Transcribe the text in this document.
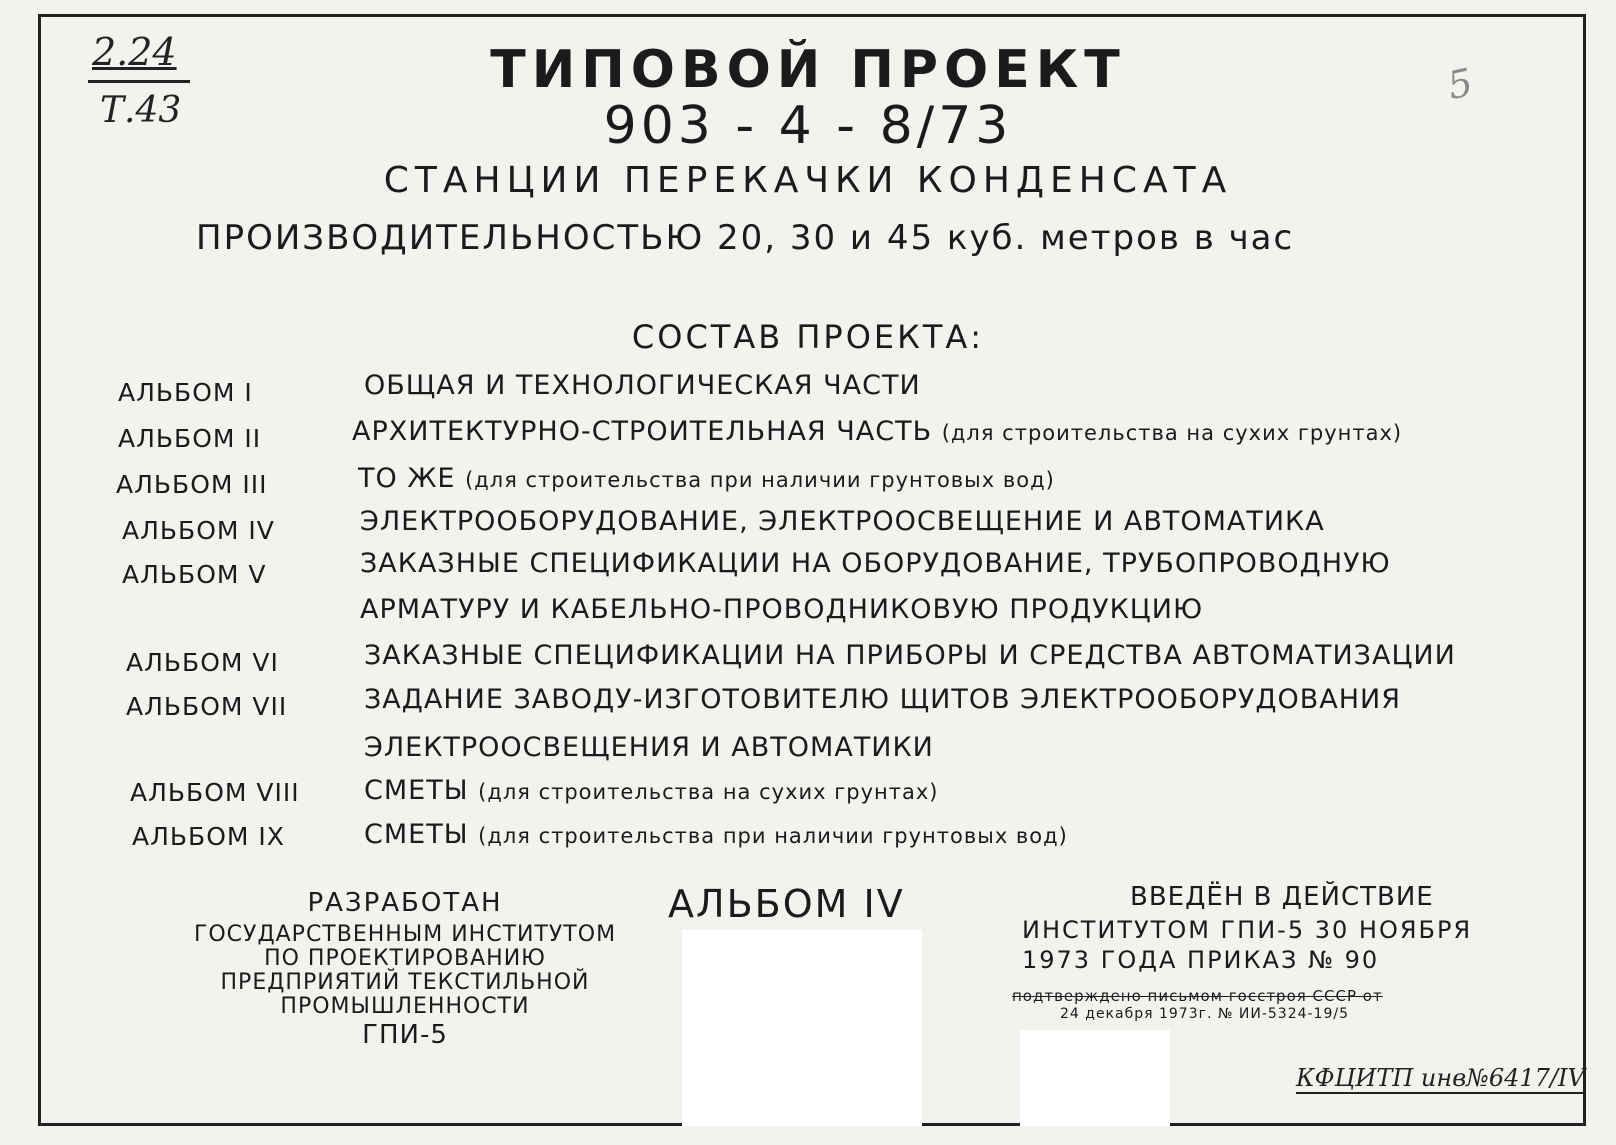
2.24
Т.43
5
ТИПОВОЙ ПРОЕКТ
903 - 4 - 8/73
СТАНЦИИ ПЕРЕКАЧКИ КОНДЕНСАТА
ПРОИЗВОДИТЕЛЬНОСТЬЮ 20, 30 и 45 куб. метров в час
СОСТАВ ПРОЕКТА:
АЛЬБОМ I	ОБЩАЯ И ТЕХНОЛОГИЧЕСКАЯ ЧАСТИ
АЛЬБОМ II	АРХИТЕКТУРНО-СТРОИТЕЛЬНАЯ ЧАСТЬ (для строительства на сухих грунтах)
АЛЬБОМ III	ТО ЖЕ (для строительства при наличии грунтовых вод)
АЛЬБОМ IV	ЭЛЕКТРООБОРУДОВАНИЕ, ЭЛЕКТРООСВЕЩЕНИЕ И АВТОМАТИКА
АЛЬБОМ V	ЗАКАЗНЫЕ СПЕЦИФИКАЦИИ НА ОБОРУДОВАНИЕ, ТРУБОПРОВОДНУЮ
АРМАТУРУ И КАБЕЛЬНО-ПРОВОДНИКОВУЮ ПРОДУКЦИЮ
АЛЬБОМ VI	ЗАКАЗНЫЕ СПЕЦИФИКАЦИИ НА ПРИБОРЫ И СРЕДСТВА АВТОМАТИЗАЦИИ
АЛЬБОМ VII	ЗАДАНИЕ ЗАВОДУ-ИЗГОТОВИТЕЛЮ ЩИТОВ ЭЛЕКТРООБОРУДОВАНИЯ
ЭЛЕКТРООСВЕЩЕНИЯ И АВТОМАТИКИ
АЛЬБОМ VIII СМЕТЫ (для строительства на сухих грунтах)
АЛЬБОМ IX	СМЕТЫ (для строительства при наличии грунтовых вод)
РАЗРАБОТАН
ГОСУДАРСТВЕННЫМ ИНСТИТУТОМ
ПО ПРОЕКТИРОВАНИЮ
ПРЕДПРИЯТИЙ ТЕКСТИЛЬНОЙ
ПРОМЫШЛЕННОСТИ
ГПИ-5
АЛЬБОМ IV	ВВЕДЁН В ДЕЙСТВИЕ
ИНСТИТУТОМ ГПИ-5 30 НОЯБРЯ
1973 ГОДА ПРИКАЗ № 90
подтверждено письмом госстроя СССР от
24 декабря 1973г. № ИИ-5324-19/5
КФЦИТП инв№6417/IV
